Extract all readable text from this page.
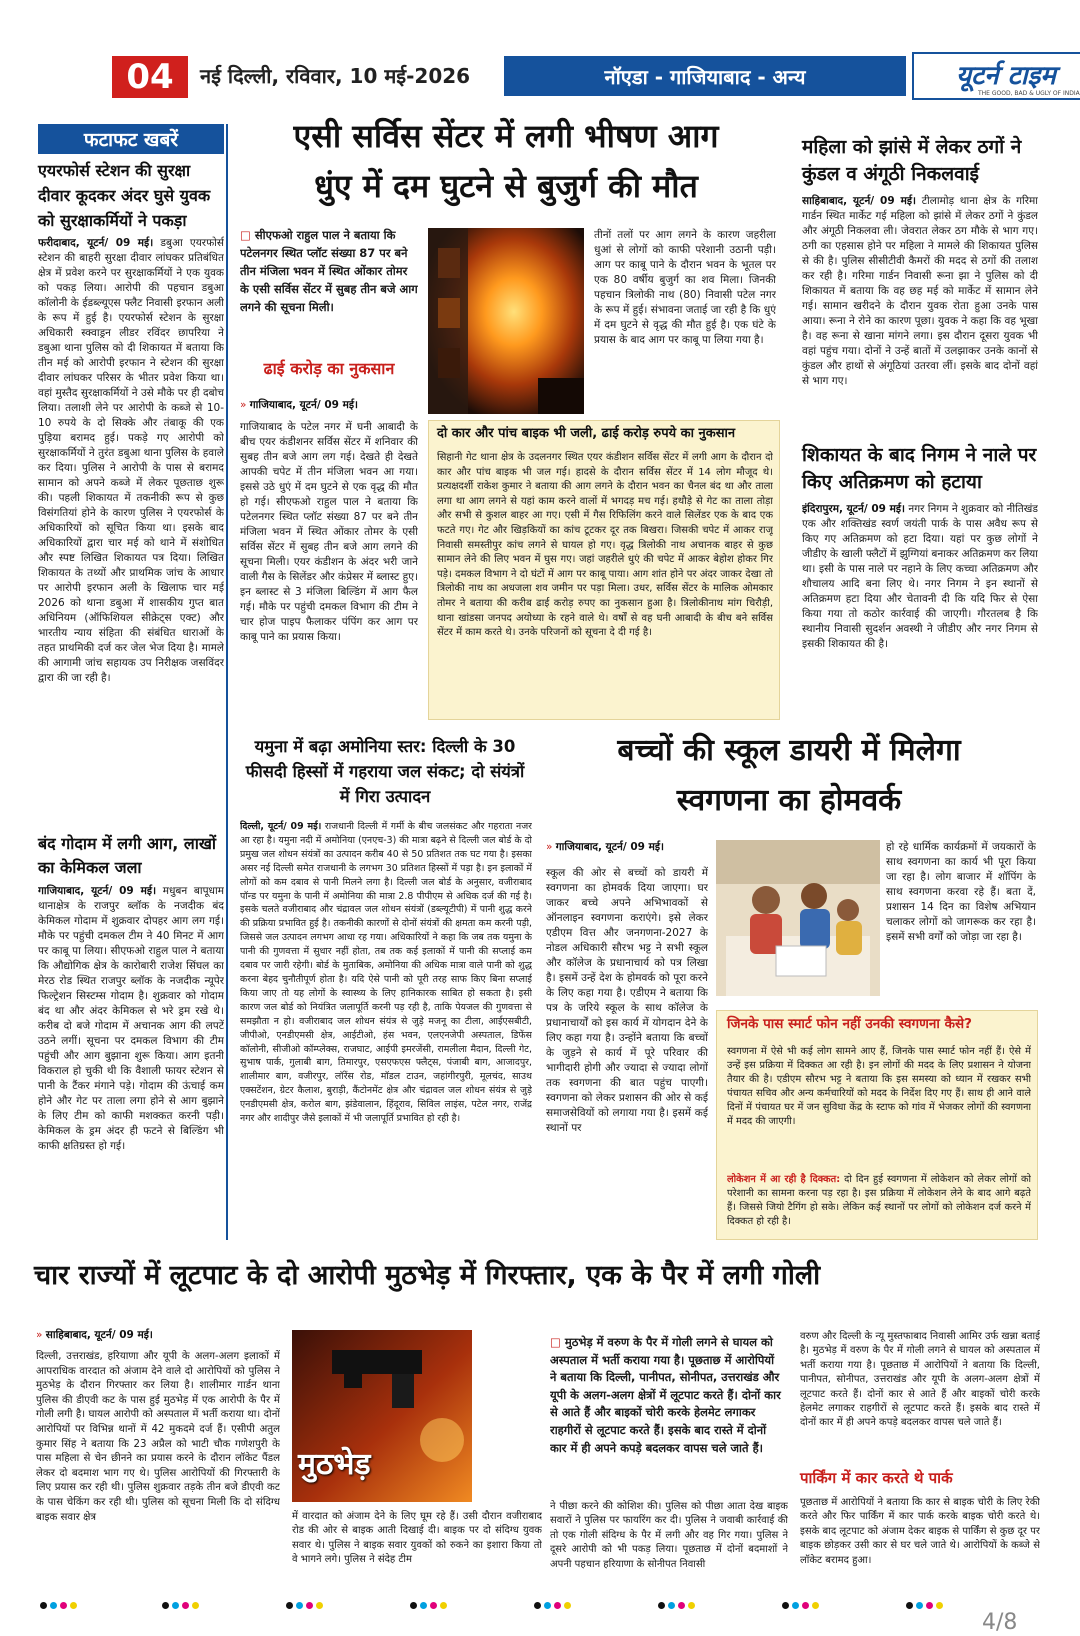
04	नई दिल्ली, रविवार, 10 मई-2026	नॉएडा - गाजियाबाद - अन्य	यूटर्न टाइम
THE GOOD, BAD & UGLY OF INDIA
फटाफट खबरें
एयरफोर्स स्टेशन की सुरक्षा दीवार कूदकर अंदर घुसे युवक को सुरक्षाकर्मियों ने पकड़ा
फरीदाबाद, यूटर्न/ 09 मई। डबुआ एयरफोर्स स्टेशन की बाहरी सुरक्षा दीवार लांघकर प्रतिबंधित क्षेत्र में प्रवेश करने पर सुरक्षाकर्मियों ने एक युवक को पकड़ लिया। आरोपी की पहचान डबुआ कॉलोनी के ईडब्ल्यूएस फ्लैट निवासी इरफान अली के रूप में हुई है। एयरफोर्स स्टेशन के सुरक्षा अधिकारी स्क्वाड्रन लीडर रविंदर छापरिया ने डबुआ थाना पुलिस को दी शिकायत में बताया कि तीन मई को आरोपी इरफान ने स्टेशन की सुरक्षा दीवार लांघकर परिसर के भीतर प्रवेश किया था। वहां मुस्तैद सुरक्षाकर्मियों ने उसे मौके पर ही दबोच लिया। तलाशी लेने पर आरोपी के कब्जे से 10-10 रुपये के दो सिक्के और तंबाकू की एक पुड़िया बरामद हुई। पकड़े गए आरोपी को सुरक्षाकर्मियों ने तुरंत डबुआ थाना पुलिस के हवाले कर दिया। पुलिस ने आरोपी के पास से बरामद सामान को अपने कब्जे में लेकर पूछताछ शुरू की। पहली शिकायत में तकनीकी रूप से कुछ विसंगतियां होने के कारण पुलिस ने एयरफोर्स के अधिकारियों को सूचित किया था। इसके बाद अधिकारियों द्वारा चार मई को थाने में संशोधित और स्पष्ट लिखित शिकायत पत्र दिया। लिखित शिकायत के तथ्यों और प्राथमिक जांच के आधार पर आरोपी इरफान अली के खिलाफ चार मई 2026 को थाना डबुआ में शासकीय गुप्त बात अधिनियम (ऑफिशियल सीक्रेट्स एक्ट) और भारतीय न्याय संहिता की संबंधित धाराओं के तहत प्राथमिकी दर्ज कर जेल भेज दिया है। मामले की आगामी जांच सहायक उप निरीक्षक जसविंदर द्वारा की जा रही है।
बंद गोदाम में लगी आग, लाखों का केमिकल जला
गाजियाबाद, यूटर्न/ 09 मई। मधुबन बापूधाम थानाक्षेत्र के राजपुर ब्लॉक के नजदीक बंद केमिकल गोदाम में शुक्रवार दोपहर आग लग गई। मौके पर पहुंची दमकल टीम ने 40 मिनट में आग पर काबू पा लिया। सीएफओ राहुल पाल ने बताया कि औद्योगिक क्षेत्र के कारोबारी राजेश सिंघल का मेरठ रोड स्थित राजपुर ब्लॉक के नजदीक न्यूपेर फिल्ट्रेशन सिस्टम्स गोदाम है। शुक्रवार को गोदाम बंद था और अंदर केमिकल से भरे ड्रम रखे थे। करीब दो बजे गोदाम में अचानक आग की लपटें उठने लगीं। सूचना पर दमकल विभाग की टीम पहुंची और आग बुझाना शुरू किया। आग इतनी विकराल हो चुकी थी कि वैशाली फायर स्टेशन से पानी के टैंकर मंगाने पड़े। गोदाम की ऊंचाई कम होने और गेट पर ताला लगा होने से आग बुझाने के लिए टीम को काफी मशक्कत करनी पड़ी। केमिकल के ड्रम अंदर ही फटने से बिल्डिंग भी काफी क्षतिग्रस्त हो गई।
एसी सर्विस सेंटर में लगी भीषण आग
धुंए में दम घुटने से बुजुर्ग की मौत
□ सीएफओ राहुल पाल ने बताया कि पटेलनगर स्थित प्लॉट संख्या 87 पर बने तीन मंजिला भवन में स्थित ओंकार तोमर के एसी सर्विस सेंटर में सुबह तीन बजे आग लगने की सूचना मिली।
ढाई करोड़ का नुकसान
» गाजियाबाद, यूटर्न/ 09 मई।
गाजियाबाद के पटेल नगर में घनी आबादी के बीच एयर कंडीशनर सर्विस सेंटर में शनिवार की सुबह तीन बजे आग लग गई। देखते ही देखते आपकी चपेट में तीन मंजिला भवन आ गया। इससे उठे धुएं में दम घुटने से एक वृद्ध की मौत हो गई। सीएफओ राहुल पाल ने बताया कि पटेलनगर स्थित प्लॉट संख्या 87 पर बने तीन मंजिला भवन में स्थित ओंकार तोमर के एसी सर्विस सेंटर में सुबह तीन बजे आग लगने की सूचना मिली। एयर कंडीशन के अंदर भरी जाने वाली गैस के सिलेंडर और कंप्रेसर में ब्लास्ट हुए। इन ब्लास्ट से 3 मंजिला बिल्डिंग में आग फैल गई। मौके पर पहुंची दमकल विभाग की टीम ने चार होज पाइप फैलाकर पंपिंग कर आग पर काबू पाने का प्रयास किया।
तीनों तलों पर आग लगने के कारण जहरीला धुआं से लोगों को काफी परेशानी उठानी पड़ी। आग पर काबू पाने के दौरान भवन के भूतल पर एक 80 वर्षीय बुजुर्ग का शव मिला। जिनकी पहचान त्रिलोकी नाथ (80) निवासी पटेल नगर के रूप में हुई। संभावना जताई जा रही है कि धुएं में दम घुटने से वृद्ध की मौत हुई है। एक घंटे के प्रयास के बाद आग पर काबू पा लिया गया है।
दो कार और पांच बाइक भी जली, ढाई करोड़ रुपये का नुकसान
सिहानी गेट थाना क्षेत्र के उदलनगर स्थित एयर कंडीशन सर्विस सेंटर में लगी आग के दौरान दो कार और पांच बाइक भी जल गई। हादसे के दौरान सर्विस सेंटर में 14 लोग मौजूद थे। प्रत्यक्षदर्शी राकेश कुमार ने बताया की आग लगने के दौरान भवन का चैनल बंद था और ताला लगा था आग लगने से यहां काम करने वालों में भगदड़ मच गई। हथौड़े से गेट का ताला तोड़ा और सभी से कुशल बाहर आ गए। एसी में गैस रिफिलिंग करने वाले सिलेंडर एक के बाद एक फटते गए। गेट और खिड़कियों का कांच टूटकर दूर तक बिखरा। जिसकी चपेट में आकर राजू निवासी समस्तीपुर कांच लगने से घायल हो गए। वृद्ध त्रिलोकी नाथ अचानक बाहर से कुछ सामान लेने की लिए भवन में घुस गए। जहां जहरीले धुएं की चपेट में आकर बेहोश होकर गिर पड़े। दमकल विभाग ने दो घंटों में आग पर काबू पाया। आग शांत होने पर अंदर जाकर देखा तो त्रिलोकी नाथ का अधजला शव जमीन पर पड़ा मिला। उधर, सर्विस सेंटर के मालिक ओमकार तोमर ने बताया की करीब ढाई करोड़ रुपए का नुकसान हुआ है। त्रिलोकीनाथ मांग चिरौड़ी, थाना खांडसा जनपद अयोध्या के रहने वाले थे। वर्षों से वह घनी आबादी के बीच बने सर्विस सेंटर में काम करते थे। उनके परिजनों को सूचना दे दी गई है।
महिला को झांसे में लेकर ठगों ने कुंडल व अंगूठी निकलवाई
साहिबाबाद, यूटर्न/ 09 मई। टीलामोड़ थाना क्षेत्र के गरिमा गार्डन स्थित मार्केट गई महिला को झांसे में लेकर ठगों ने कुंडल और अंगूठी निकलवा ली। जेवरात लेकर ठग मौके से भाग गए। ठगी का एहसास होने पर महिला ने मामले की शिकायत पुलिस से की है। पुलिस सीसीटीवी कैमरों की मदद से ठगों की तलाश कर रही है। गरिमा गार्डन निवासी रूना झा ने पुलिस को दी शिकायत में बताया कि वह छह मई को मार्केट में सामान लेने गई। सामान खरीदने के दौरान युवक रोता हुआ उनके पास आया। रूना ने रोने का कारण पूछा। युवक ने कहा कि वह भूखा है। वह रूना से खाना मांगने लगा। इस दौरान दूसरा युवक भी वहां पहुंच गया। दोनों ने उन्हें बातों में उलझाकर उनके कानों से कुंडल और हाथों से अंगूठियां उतरवा लीं। इसके बाद दोनों वहां से भाग गए।
शिकायत के बाद निगम ने नाले पर किए अतिक्रमण को हटाया
इंदिरापुरम, यूटर्न/ 09 मई। नगर निगम ने शुक्रवार को नीतिखंड एक और शक्तिखंड स्वर्ण जयंती पार्क के पास अवैध रूप से किए गए अतिक्रमण को हटा दिया। यहां पर कुछ लोगों ने जीडीए के खाली फ्लैटों में झुग्गियां बनाकर अतिक्रमण कर लिया था। इसी के पास नाले पर नहाने के लिए कच्चा अतिक्रमण और शौचालय आदि बना लिए थे। नगर निगम ने इन स्थानों से अतिक्रमण हटा दिया और चेतावनी दी कि यदि फिर से ऐसा किया गया तो कठोर कार्रवाई की जाएगी। गौरतलब है कि स्थानीय निवासी सुदर्शन अवस्थी ने जीडीए और नगर निगम से इसकी शिकायत की है।
यमुना में बढ़ा अमोनिया स्तर: दिल्ली के 30 फीसदी हिस्सों में गहराया जल संकट; दो संयंत्रों में गिरा उत्पादन
दिल्ली, यूटर्न/ 09 मई। राजधानी दिल्ली में गर्मी के बीच जलसंकट और गहराता नजर आ रहा है। यमुना नदी में अमोनिया (एनएच-3) की मात्रा बढ़ने से दिल्ली जल बोर्ड के दो प्रमुख जल शोधन संयंत्रों का उत्पादन करीब 40 से 50 प्रतिशत तक घट गया है। इसका असर नई दिल्ली समेत राजधानी के लगभग 30 प्रतिशत हिस्सों में पड़ा है। इन इलाकों में लोगों को कम दबाव से पानी मिलने लगा है। दिल्ली जल बोर्ड के अनुसार, वजीराबाद पॉन्ड पर यमुना के पानी में अमोनिया की मात्रा 2.8 पीपीएम से अधिक दर्ज की गई है। इसके चलते वजीराबाद और चंद्रावल जल शोधन संयंत्रों (डब्ल्यूटीपी) में पानी शुद्ध करने की प्रक्रिया प्रभावित हुई है। तकनीकी कारणों से दोनों संयंत्रों की क्षमता कम करनी पड़ी, जिससे जल उत्पादन लगभग आधा रह गया। अधिकारियों ने कहा कि जब तक यमुना के पानी की गुणवत्ता में सुधार नहीं होता, तब तक कई इलाकों में पानी की सप्लाई कम दबाव पर जारी रहेगी। बोर्ड के मुताबिक, अमोनिया की अधिक मात्रा वाले पानी को शुद्ध करना बेहद चुनौतीपूर्ण होता है। यदि ऐसे पानी को पूरी तरह साफ किए बिना सप्लाई किया जाए तो यह लोगों के स्वास्थ्य के लिए हानिकारक साबित हो सकता है। इसी कारण जल बोर्ड को नियंत्रित जलापूर्ति करनी पड़ रही है, ताकि पेयजल की गुणवत्ता से समझौता न हो। वजीराबाद जल शोधन संयंत्र से जुड़े मजनू का टीला, आईएसबीटी, जीपीओ, एनडीएमसी क्षेत्र, आईटीओ, हंस भवन, एलएनजेपी अस्पताल, डिफेंस कॉलोनी, सीजीओ कॉम्प्लेक्स, राजघाट, आईपी इमरजेंसी, रामलीला मैदान, दिल्ली गेट, सुभाष पार्क, गुलाबी बाग, तिमारपुर, एसएफएस फ्लैट्स, पंजाबी बाग, आजादपुर, शालीमार बाग, वजीरपुर, लॉरेंस रोड, मॉडल टाउन, जहांगीरपुरी, मूलचंद, साउथ एक्सटेंशन, ग्रेटर कैलाश, बुराड़ी, कैंटोनमेंट क्षेत्र और चंद्रावल जल शोधन संयंत्र से जुड़े एनडीएमसी क्षेत्र, करोल बाग, झंडेवालान, हिंदूराव, सिविल लाइंस, पटेल नगर, राजेंद्र नगर और शादीपुर जैसे इलाकों में भी जलापूर्ति प्रभावित हो रही है।
बच्चों की स्कूल डायरी में मिलेगा
स्वगणना का होमवर्क
» गाजियाबाद, यूटर्न/ 09 मई।
स्कूल की ओर से बच्चों को डायरी में स्वगणना का होमवर्क दिया जाएगा। घर जाकर बच्चे अपने अभिभावकों से ऑनलाइन स्वगणना कराएंगे। इसे लेकर एडीएम वित्त और जनगणना-2027 के नोडल अधिकारी सौरभ भट्ट ने सभी स्कूल और कॉलेज के प्रधानाचार्य को पत्र लिखा है। इसमें उन्हें देश के होमवर्क को पूरा करने के लिए कहा गया है। एडीएम ने बताया कि पत्र के जरिये स्कूल के साथ कॉलेज के प्रधानाचार्यों को इस कार्य में योगदान देने के लिए कहा गया है। उन्होंने बताया कि बच्चों के जुड़ने से कार्य में पूरे परिवार की भागीदारी होगी और ज्यादा से ज्यादा लोगों तक स्वगणना की बात पहुंच पाएगी। स्वगणना को लेकर प्रशासन की ओर से कई समाजसेवियों को लगाया गया है। इसमें कई स्थानों पर
हो रहे धार्मिक कार्यक्रमों में जयकारों के साथ स्वगणना का कार्य भी पूरा किया जा रहा है। लोग बाजार में शॉपिंग के साथ स्वगणना करवा रहे हैं। बता दें, प्रशासन 14 दिन का विशेष अभियान चलाकर लोगों को जागरूक कर रहा है। इसमें सभी वर्गों को जोड़ा जा रहा है।
जिनके पास स्मार्ट फोन नहीं उनकी स्वगणना कैसे?
स्वगणना में ऐसे भी कई लोग सामने आए हैं, जिनके पास स्मार्ट फोन नहीं हैं। ऐसे में उन्हें इस प्रक्रिया में दिक्कत आ रही है। इन लोगों की मदद के लिए प्रशासन ने योजना तैयार की है। एडीएम सौरभ भट्ट ने बताया कि इस समस्या को ध्यान में रखकर सभी पंचायत सचिव और अन्य कर्मचारियों को मदद के निर्देश दिए गए हैं। साथ ही आने वाले दिनों में पंचायत घर में जन सुविधा केंद्र के स्टाफ को गांव में भेजकर लोगों की स्वगणना में मदद की जाएगी।
लोकेशन में आ रही है दिक्कत: दो दिन हुई स्वगणना में लोकेशन को लेकर लोगों को परेशानी का सामना करना पड़ रहा है। इस प्रक्रिया में लोकेशन लेने के बाद आगे बढ़ते हैं। जिससे जियो टैगिंग हो सके। लेकिन कई स्थानों पर लोगों को लोकेशन दर्ज करने में दिक्कत हो रही है।
चार राज्यों में लूटपाट के दो आरोपी मुठभेड़ में गिरफ्तार, एक के पैर में लगी गोली
» साहिबाबाद, यूटर्न/ 09 मई।
दिल्ली, उत्तराखंड, हरियाणा और यूपी के अलग-अलग इलाकों में आपराधिक वारदात को अंजाम देने वाले दो आरोपियों को पुलिस ने मुठभेड़ के दौरान गिरफ्तार कर लिया है। शालीमार गार्डन थाना पुलिस की डीएवी कट के पास हुई मुठभेड़ में एक आरोपी के पैर में गोली लगी है। घायल आरोपी को अस्पताल में भर्ती कराया था। दोनों आरोपियों पर विभिन्न थानों में 42 मुकदमे दर्ज हैं। एसीपी अतुल कुमार सिंह ने बताया कि 23 अप्रैल को भाटी चौक गणेशपुरी के पास महिला से चेन छीनने का प्रयास करने के दौरान लॉकेट पैंडल लेकर दो बदमाश भाग गए थे। पुलिस आरोपियों की गिरफ्तारी के लिए प्रयास कर रही थी। पुलिस शुक्रवार तड़के तीन बजे डीएवी कट के पास चेकिंग कर रही थी। पुलिस को सूचना मिली कि दो संदिग्ध बाइक सवार क्षेत्र
मुठभेड़
में वारदात को अंजाम देने के लिए घूम रहे हैं। उसी दौरान वजीराबाद रोड की ओर से बाइक आती दिखाई दी। बाइक पर दो संदिग्ध युवक सवार थे। पुलिस ने बाइक सवार युवकों को रुकने का इशारा किया तो वे भागने लगे। पुलिस ने संदेह टीम
□ मुठभेड़ में वरुण के पैर में गोली लगने से घायल को अस्पताल में भर्ती कराया गया है। पूछताछ में आरोपियों ने बताया कि दिल्ली, पानीपत, सोनीपत, उत्तराखंड और यूपी के अलग-अलग क्षेत्रों में लूटपाट करते हैं। दोनों कार से आते हैं और बाइकों चोरी करके हेलमेट लगाकर राहगीरों से लूटपाट करते हैं। इसके बाद रास्ते में दोनों कार में ही अपने कपड़े बदलकर वापस चले जाते हैं।
ने पीछा करने की कोशिश की। पुलिस को पीछा आता देख बाइक सवारों ने पुलिस पर फायरिंग कर दी। पुलिस ने जवाबी कार्रवाई की तो एक गोली संदिग्ध के पैर में लगी और वह गिर गया। पुलिस ने दूसरे आरोपी को भी पकड़ लिया। पूछताछ में दोनों बदमाशों ने अपनी पहचान हरियाणा के सोनीपत निवासी
वरुण और दिल्ली के न्यू मुस्तफाबाद निवासी आमिर उर्फ खन्ना बताई है। मुठभेड़ में वरुण के पैर में गोली लगने से घायल को अस्पताल में भर्ती कराया गया है। पूछताछ में आरोपियों ने बताया कि दिल्ली, पानीपत, सोनीपत, उत्तराखंड और यूपी के अलग-अलग क्षेत्रों में लूटपाट करते हैं। दोनों कार से आते हैं और बाइकों चोरी करके हेलमेट लगाकर राहगीरों से लूटपाट करते हैं। इसके बाद रास्ते में दोनों कार में ही अपने कपड़े बदलकर वापस चले जाते हैं।
पार्किंग में कार करते थे पार्क
पूछताछ में आरोपियों ने बताया कि कार से बाइक चोरी के लिए रेकी करते और फिर पार्किंग में कार पार्क करके बाइक चोरी करते थे। इसके बाद लूटपाट को अंजाम देकर बाइक से पार्किंग से कुछ दूर पर बाइक छोड़कर उसी कार से घर चले जाते थे। आरोपियों के कब्जे से लॉकेट बरामद हुआ।
4/8
